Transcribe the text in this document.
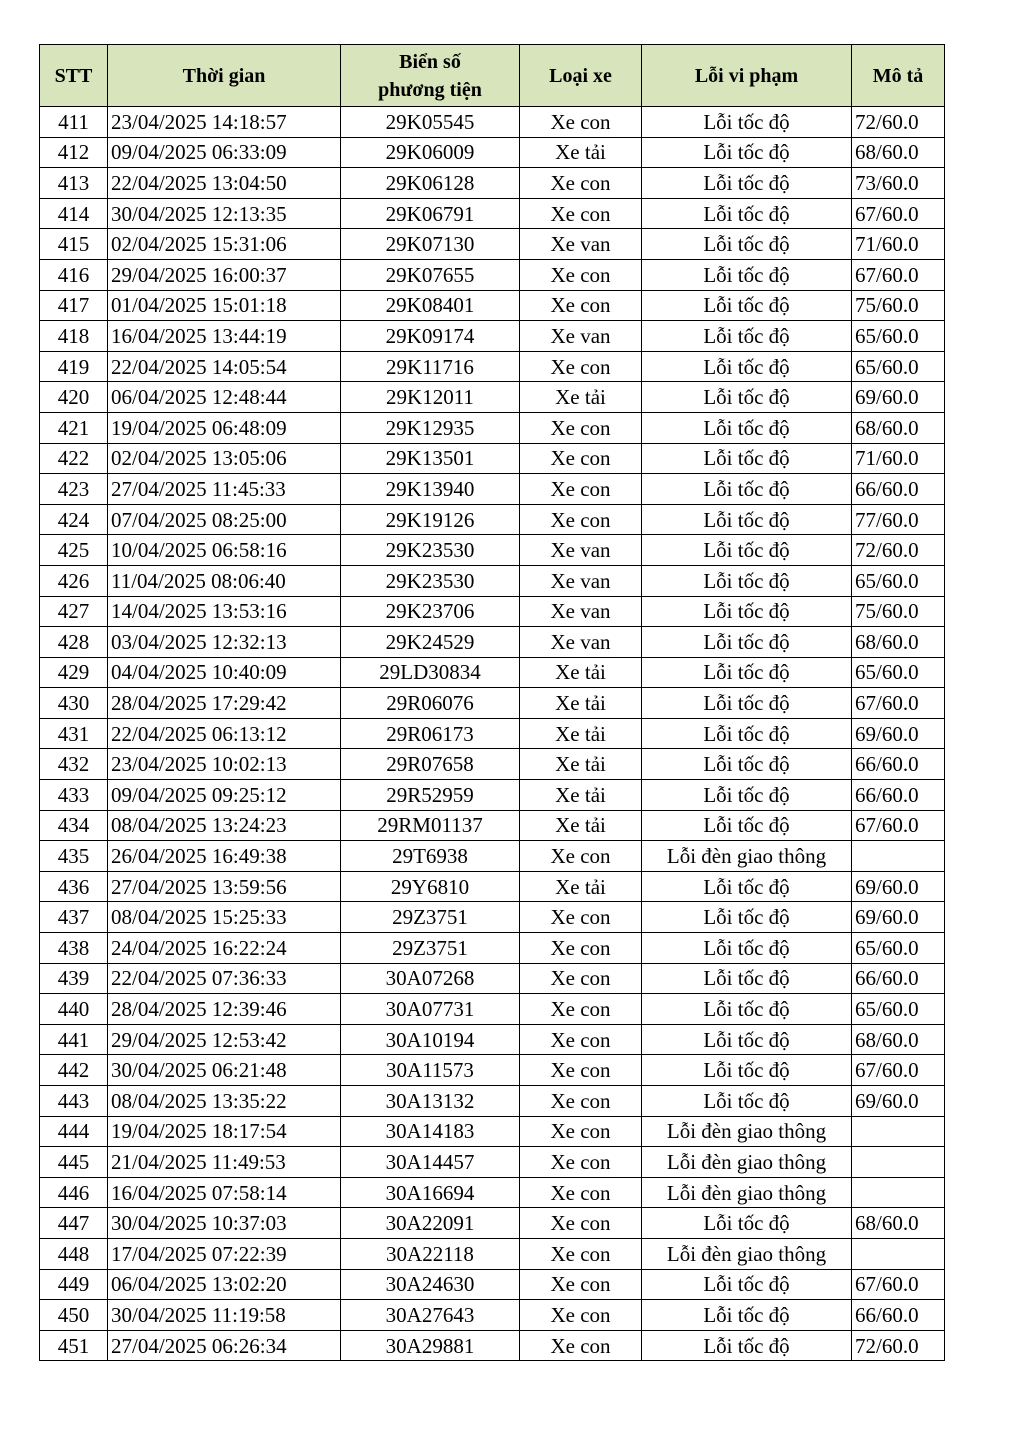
STT	Thời gian	Biển số
phương tiện	Loại xe	Lỗi vi phạm	Mô tả
411	23/04/2025 14:18:57	29K05545	Xe con	Lỗi tốc độ	72/60.0
412	09/04/2025 06:33:09	29K06009	Xe tải	Lỗi tốc độ	68/60.0
413	22/04/2025 13:04:50	29K06128	Xe con	Lỗi tốc độ	73/60.0
414	30/04/2025 12:13:35	29K06791	Xe con	Lỗi tốc độ	67/60.0
415	02/04/2025 15:31:06	29K07130	Xe van	Lỗi tốc độ	71/60.0
416	29/04/2025 16:00:37	29K07655	Xe con	Lỗi tốc độ	67/60.0
417	01/04/2025 15:01:18	29K08401	Xe con	Lỗi tốc độ	75/60.0
418	16/04/2025 13:44:19	29K09174	Xe van	Lỗi tốc độ	65/60.0
419	22/04/2025 14:05:54	29K11716	Xe con	Lỗi tốc độ	65/60.0
420	06/04/2025 12:48:44	29K12011	Xe tải	Lỗi tốc độ	69/60.0
421	19/04/2025 06:48:09	29K12935	Xe con	Lỗi tốc độ	68/60.0
422	02/04/2025 13:05:06	29K13501	Xe con	Lỗi tốc độ	71/60.0
423	27/04/2025 11:45:33	29K13940	Xe con	Lỗi tốc độ	66/60.0
424	07/04/2025 08:25:00	29K19126	Xe con	Lỗi tốc độ	77/60.0
425	10/04/2025 06:58:16	29K23530	Xe van	Lỗi tốc độ	72/60.0
426	11/04/2025 08:06:40	29K23530	Xe van	Lỗi tốc độ	65/60.0
427	14/04/2025 13:53:16	29K23706	Xe van	Lỗi tốc độ	75/60.0
428	03/04/2025 12:32:13	29K24529	Xe van	Lỗi tốc độ	68/60.0
429	04/04/2025 10:40:09	29LD30834	Xe tải	Lỗi tốc độ	65/60.0
430	28/04/2025 17:29:42	29R06076	Xe tải	Lỗi tốc độ	67/60.0
431	22/04/2025 06:13:12	29R06173	Xe tải	Lỗi tốc độ	69/60.0
432	23/04/2025 10:02:13	29R07658	Xe tải	Lỗi tốc độ	66/60.0
433	09/04/2025 09:25:12	29R52959	Xe tải	Lỗi tốc độ	66/60.0
434	08/04/2025 13:24:23	29RM01137	Xe tải	Lỗi tốc độ	67/60.0
435	26/04/2025 16:49:38	29T6938	Xe con	Lỗi đèn giao thông	
436	27/04/2025 13:59:56	29Y6810	Xe tải	Lỗi tốc độ	69/60.0
437	08/04/2025 15:25:33	29Z3751	Xe con	Lỗi tốc độ	69/60.0
438	24/04/2025 16:22:24	29Z3751	Xe con	Lỗi tốc độ	65/60.0
439	22/04/2025 07:36:33	30A07268	Xe con	Lỗi tốc độ	66/60.0
440	28/04/2025 12:39:46	30A07731	Xe con	Lỗi tốc độ	65/60.0
441	29/04/2025 12:53:42	30A10194	Xe con	Lỗi tốc độ	68/60.0
442	30/04/2025 06:21:48	30A11573	Xe con	Lỗi tốc độ	67/60.0
443	08/04/2025 13:35:22	30A13132	Xe con	Lỗi tốc độ	69/60.0
444	19/04/2025 18:17:54	30A14183	Xe con	Lỗi đèn giao thông	
445	21/04/2025 11:49:53	30A14457	Xe con	Lỗi đèn giao thông	
446	16/04/2025 07:58:14	30A16694	Xe con	Lỗi đèn giao thông	
447	30/04/2025 10:37:03	30A22091	Xe con	Lỗi tốc độ	68/60.0
448	17/04/2025 07:22:39	30A22118	Xe con	Lỗi đèn giao thông	
449	06/04/2025 13:02:20	30A24630	Xe con	Lỗi tốc độ	67/60.0
450	30/04/2025 11:19:58	30A27643	Xe con	Lỗi tốc độ	66/60.0
451	27/04/2025 06:26:34	30A29881	Xe con	Lỗi tốc độ	72/60.0
